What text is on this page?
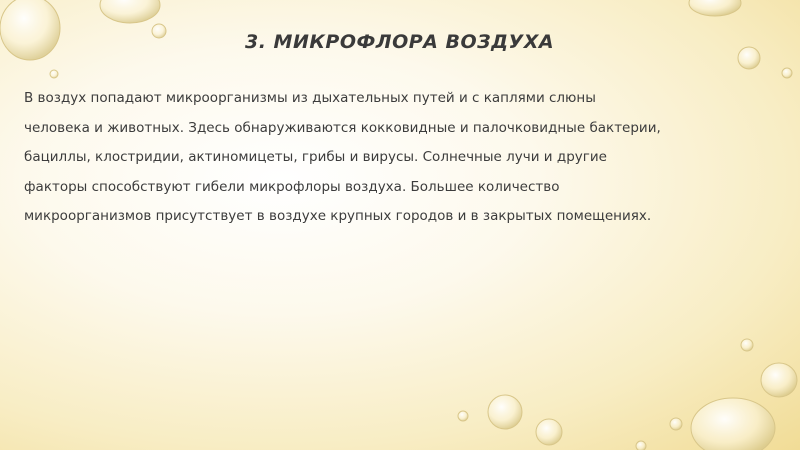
3. МИКРОФЛОРА ВОЗДУХА

В воздух попадают микроорганизмы из дыхательных путей и с каплями слюны
человека и животных. Здесь обнаруживаются кокковидные и палочковидные бактерии,
бациллы, клостридии, актиномицеты, грибы и вирусы. Солнечные лучи и другие
факторы способствуют гибели микрофлоры воздуха. Большее количество
микроорганизмов присутствует в воздухе крупных городов и в закрытых помещениях.
